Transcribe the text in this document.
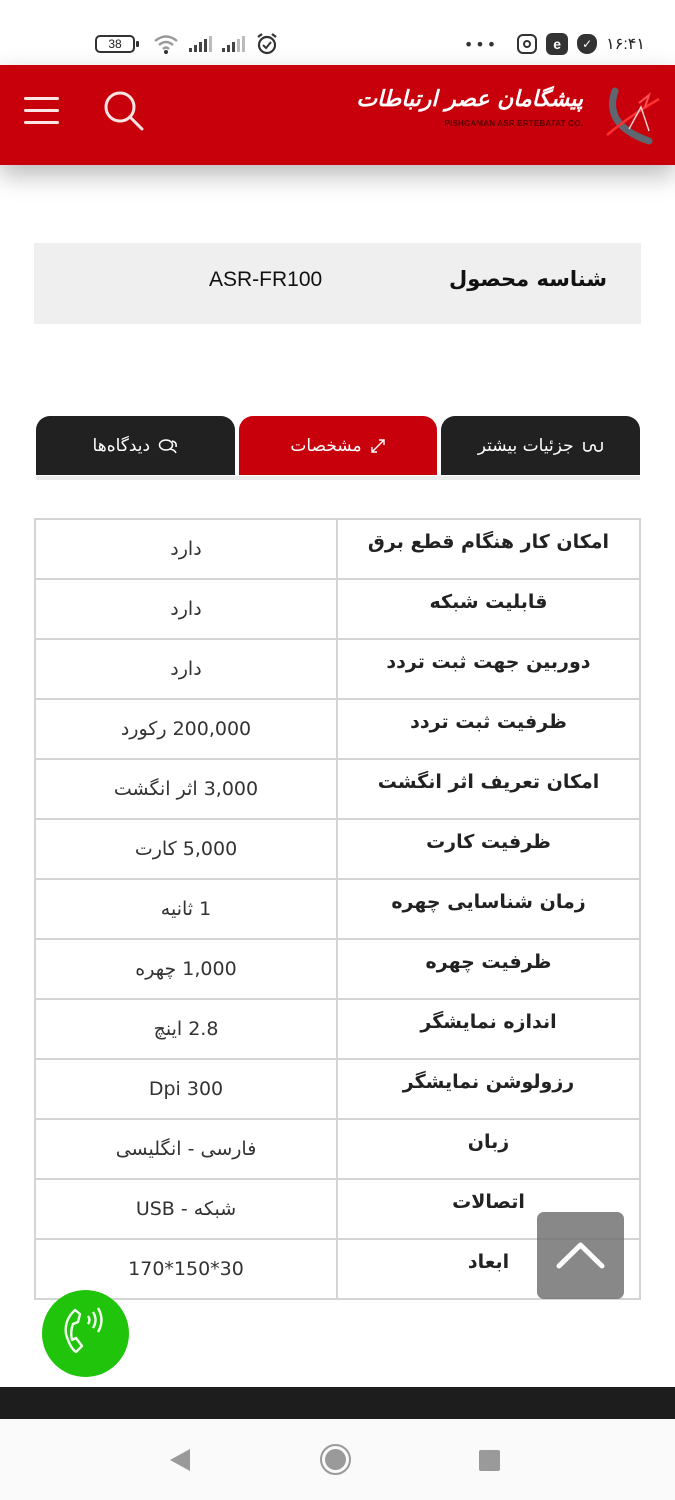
38	•••	e	✓ ۱۶:۴۱
پیشگامان عصر ارتباطات
PISHGAMAN ASR ERTEBATAT CO.
شناسه محصول
ASR-FR100
جزئیات بیشتر
مشخصات
دیدگاه‌ها
امکان کار هنگام قطع برق	دارد
قابلیت شبکه	دارد
دوربین جهت ثبت تردد	دارد
ظرفیت ثبت تردد	200,000 رکورد
امکان تعریف اثر انگشت	3,000 اثر انگشت
ظرفیت کارت	5,000 کارت
زمان شناسایی چهره	1 ثانیه
ظرفیت چهره	1,000 چهره
اندازه نمایشگر	2.8 اینچ
رزولوشن نمایشگر	Dpi 300
زبان	فارسی - انگلیسی
اتصالات	شبکه - USB
ابعاد	30*150*170
